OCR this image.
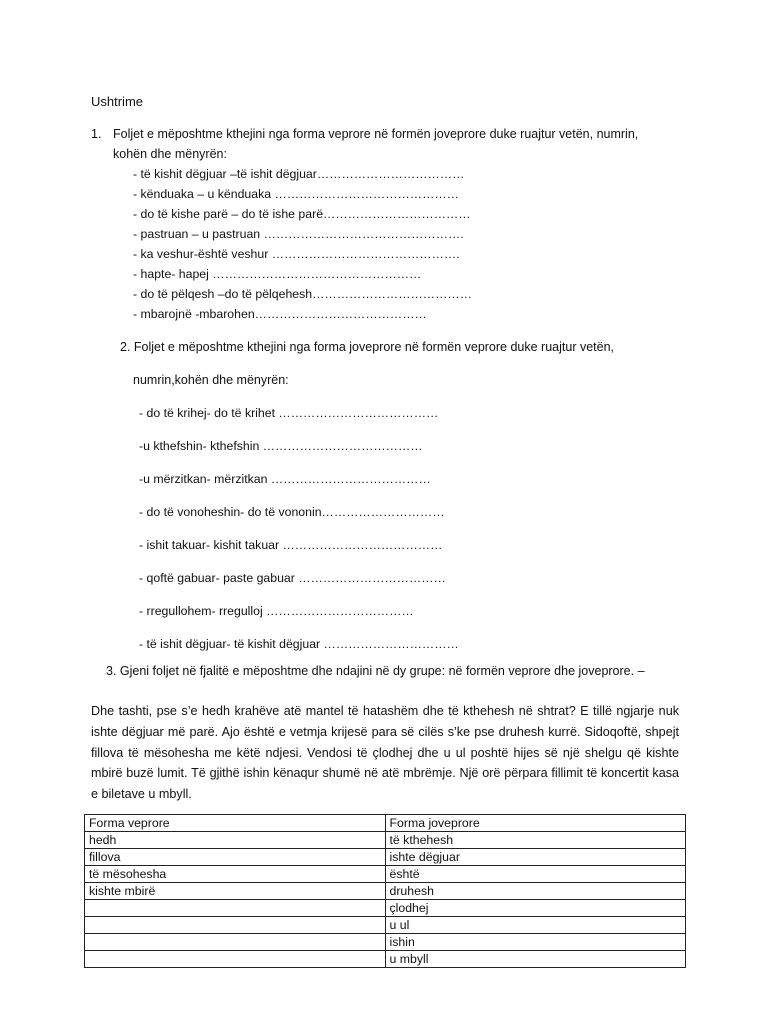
Ushtrime
1. Foljet e mëposhtme kthejini nga forma veprore në formën joveprore duke ruajtur vetën, numrin,
kohën dhe mënyrën:
- të kishit dëgjuar –të ishit dëgjuar………………………………
- kënduaka – u kënduaka ………………………………………
- do të kishe parë – do të ishe parë………………………………
- pastruan – u pastruan ………………………………………….
- ka veshur-është veshur ……………………………………….
- hapte- hapej ……………………………………………
- do të pëlqesh –do të pëlqehesh…………………………………
- mbarojnë -mbarohen……………………………………
2. Foljet e mëposhtme kthejini nga forma joveprore në formën veprore duke ruajtur vetën,
numrin,kohën dhe mënyrën:
- do të krihej- do të krihet …………………………………
-u kthefshin- kthefshin …………………………………
-u mërzitkan- mërzitkan …………………………………
- do të vonoheshin- do të vononin…………………………
- ishit takuar- kishit takuar …………………………………
- qoftë gabuar- paste gabuar ………………………………
- rregullohem- rregulloj ………………………………
- të ishit dëgjuar- të kishit dëgjuar ……………………………
3. Gjeni foljet në fjalitë e mëposhtme dhe ndajini në dy grupe: në formën veprore dhe joveprore. –
Dhe tashti, pse s’e hedh krahëve atë mantel të hatashëm dhe të kthehesh në shtrat? E tillë ngjarje nuk ishte dëgjuar më parë. Ajo është e vetmja krijesë para së cilës s’ke pse druhesh kurrë. Sidoqoftë, shpejt fillova të mësohesha me këtë ndjesi. Vendosi të çlodhej dhe u ul poshtë hijes së një shelgu që kishte mbirë buzë lumit. Të gjithë ishin kënaqur shumë në atë mbrëmje. Një orë përpara fillimit të koncertit kasa e biletave u mbyll.
Forma veprore	Forma joveprore
hedh	të kthehesh
fillova	ishte dëgjuar
të mësohesha	është
kishte mbirë	druhesh
	çlodhej
	u ul
	ishin
	u mbyll
